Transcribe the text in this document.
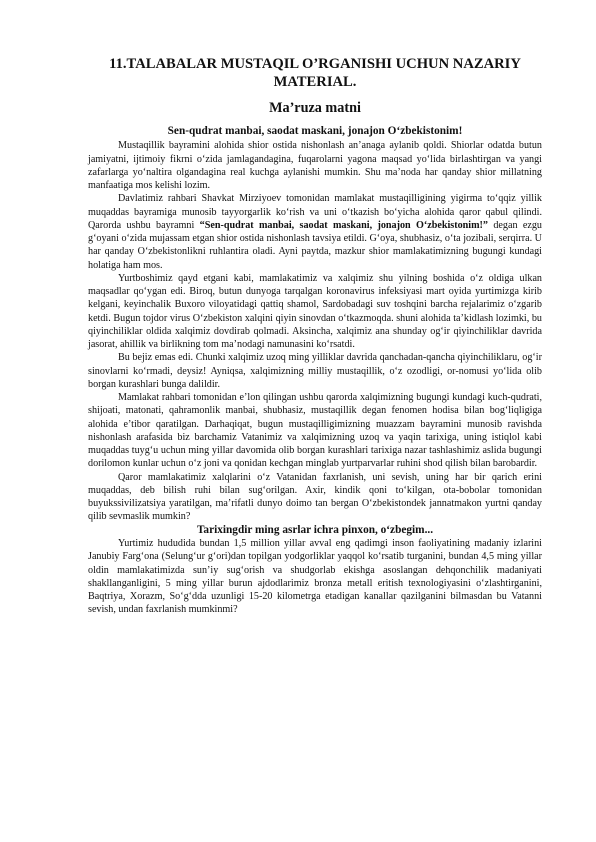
11.TALABALAR MUSTAQIL O’RGANISHI UCHUN NAZARIY MATERIAL.
Ma’ruza matni
Sen-qudrat manbai, saodat maskani, jonajon O‘zbekistonim!

Mustaqillik bayramini alohida shior ostida nishonlash an’anaga aylanib qoldi. Shiorlar odatda butun jamiyatni, ijtimoiy fikrni o‘zida jamlagandagina, fuqarolarni yagona maqsad yo‘lida birlashtirgan va yangi zafarlarga yo‘naltira olgandagina real kuchga aylanishi mumkin. Shu ma’noda har qanday shior millatning manfaatiga mos kelishi lozim.

Davlatimiz rahbari Shavkat Mirziyoev tomonidan mamlakat mustaqilligining yigirma to‘qqiz yillik muqaddas bayramiga munosib tayyorgarlik ko‘rish va uni o‘tkazish bo‘yicha alohida qaror qabul qilindi. Qarorda ushbu bayramni “Sen-qudrat manbai, saodat maskani, jonajon O‘zbekistonim!” degan ezgu g‘oyani o‘zida mujassam etgan shior ostida nishonlash tavsiya etildi. G‘oya, shubhasiz, o‘ta jozibali, serqirra. U har qanday O‘zbekistonlikni ruhlantira oladi. Ayni paytda, mazkur shior mamlakatimizning bugungi kundagi holatiga ham mos.

Yurtboshimiz qayd etgani kabi, mamlakatimiz va xalqimiz shu yilning boshida o‘z oldiga ulkan maqsadlar qo‘ygan edi. Biroq, butun dunyoga tarqalgan koronavirus infeksiyasi mart oyida yurtimizga kirib kelgani, keyinchalik Buxoro viloyatidagi qattiq shamol, Sardobadagi suv toshqini barcha rejalarimiz o‘zgarib ketdi. Bugun tojdor virus O‘zbekiston xalqini qiyin sinovdan o‘tkazmoqda. shuni alohida ta’kidlash lozimki, bu qiyinchiliklar oldida xalqimiz dovdirab qolmadi. Aksincha, xalqimiz ana shunday og‘ir qiyinchiliklar davrida jasorat, ahillik va birlikning tom ma’nodagi namunasini ko‘rsatdi.

Bu bejiz emas edi. Chunki xalqimiz uzoq ming yilliklar davrida qanchadan-qancha qiyinchiliklaru, og‘ir sinovlarni ko‘rmadi, deysiz! Ayniqsa, xalqimizning milliy mustaqillik, o‘z ozodligi, or-nomusi yo‘lida olib borgan kurashlari bunga dalildir.

Mamlakat rahbari tomonidan e’lon qilingan ushbu qarorda xalqimizning bugungi kundagi kuch-qudrati, shijoati, matonati, qahramonlik manbai, shubhasiz, mustaqillik degan fenomen hodisa bilan bog‘liqligiga alohida e’tibor qaratilgan. Darhaqiqat, bugun mustaqilligimizning muazzam bayramini munosib ravishda nishonlash arafasida biz barchamiz Vatanimiz va xalqimizning uzoq va yaqin tarixiga, uning istiqlol kabi muqaddas tuyg‘u uchun ming yillar davomida olib borgan kurashlari tarixiga nazar tashlashimiz aslida bugungi dorilomon kunlar uchun o‘z joni va qonidan kechgan minglab yurtparvarlar ruhini shod qilish bilan barobardir.

Qaror mamlakatimiz xalqlarini o‘z Vatanidan faxrlanish, uni sevish, uning har bir qarich erini muqaddas, deb bilish ruhi bilan sug‘orilgan. Axir, kindik qoni to‘kilgan, ota-bobolar tomonidan buyukssivilizatsiya yaratilgan, ma’rifatli dunyo doimo tan bergan O‘zbekistondek jannatmakon yurtni qanday qilib sevmaslik mumkin?

Tarixingdir ming asrlar ichra pinxon, o‘zbegim...

Yurtimiz hududida bundan 1,5 million yillar avval eng qadimgi inson faoliyatining madaniy izlarini Janubiy Farg‘ona (Selung‘ur g‘ori)dan topilgan yodgorliklar yaqqol ko‘rsatib turganini, bundan 4,5 ming yillar oldin mamlakatimizda sun’iy sug‘orish va shudgorlab ekishga asoslangan dehqonchilik madaniyati shakllanganligini, 5 ming yillar burun ajdodlarimiz bronza metall eritish texnologiyasini o‘zlashtirganini, Baqtriya, Xorazm, So‘g‘dda uzunligi 15-20 kilometrga etadigan kanallar qazilganini bilmasdan bu Vatanni sevish, undan faxrlanish mumkinmi?
